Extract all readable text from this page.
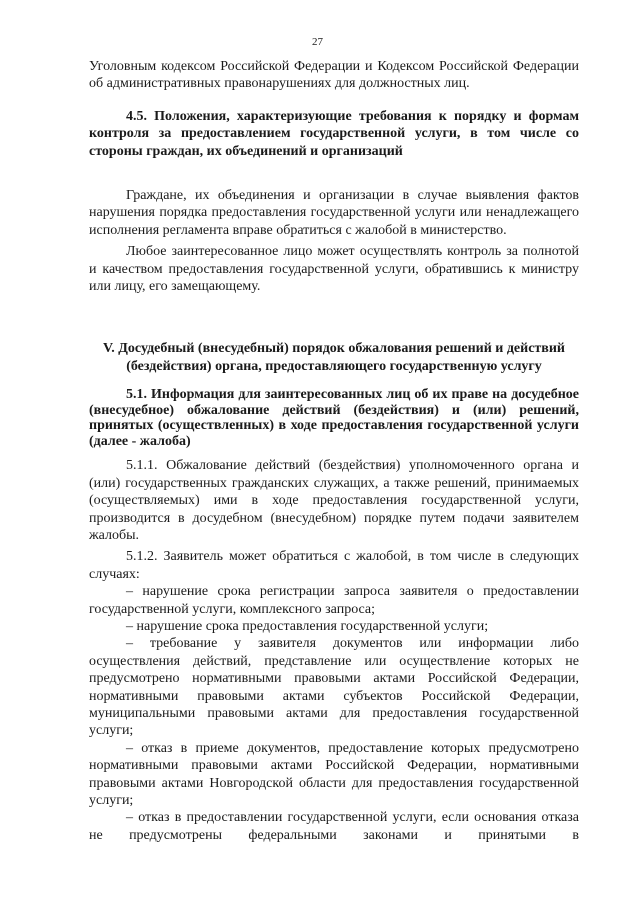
27

Уголовным кодексом Российской Федерации и Кодексом Российской Федерации об административных правонарушениях для должностных лиц.

4.5. Положения, характеризующие требования к порядку и формам контроля за предоставлением государственной услуги, в том числе со стороны граждан, их объединений и организаций

Граждане, их объединения и организации в случае выявления фактов нарушения порядка предоставления государственной услуги или ненадлежащего исполнения регламента вправе обратиться с жалобой в министерство.

Любое заинтересованное лицо может осуществлять контроль за полнотой и качеством предоставления государственной услуги, обратившись к министру или лицу, его замещающему.

V. Досудебный (внесудебный) порядок обжалования решений и действий (бездействия) органа, предоставляющего государственную услугу

5.1. Информация для заинтересованных лиц об их праве на досудебное (внесудебное) обжалование действий (бездействия) и (или) решений, принятых (осуществленных) в ходе предоставления государственной услуги (далее - жалоба)

5.1.1. Обжалование действий (бездействия) уполномоченного органа и (или) государственных гражданских служащих, а также решений, принимаемых (осуществляемых) ими в ходе предоставления государственной услуги, производится в досудебном (внесудебном) порядке путем подачи заявителем жалобы.

5.1.2. Заявитель может обратиться с жалобой, в том числе в следующих случаях:

– нарушение срока регистрации запроса заявителя о предоставлении государственной услуги, комплексного запроса;

– нарушение срока предоставления государственной услуги;

– требование у заявителя документов или информации либо осуществления действий, представление или осуществление которых не предусмотрено нормативными правовыми актами Российской Федерации, нормативными правовыми актами субъектов Российской Федерации, муниципальными правовыми актами для предоставления государственной услуги;

– отказ в приеме документов, предоставление которых предусмотрено нормативными правовыми актами Российской Федерации, нормативными правовыми актами Новгородской области для предоставления государственной услуги;

– отказ в предоставлении государственной услуги, если основания отказа не предусмотрены федеральными законами и принятыми в
